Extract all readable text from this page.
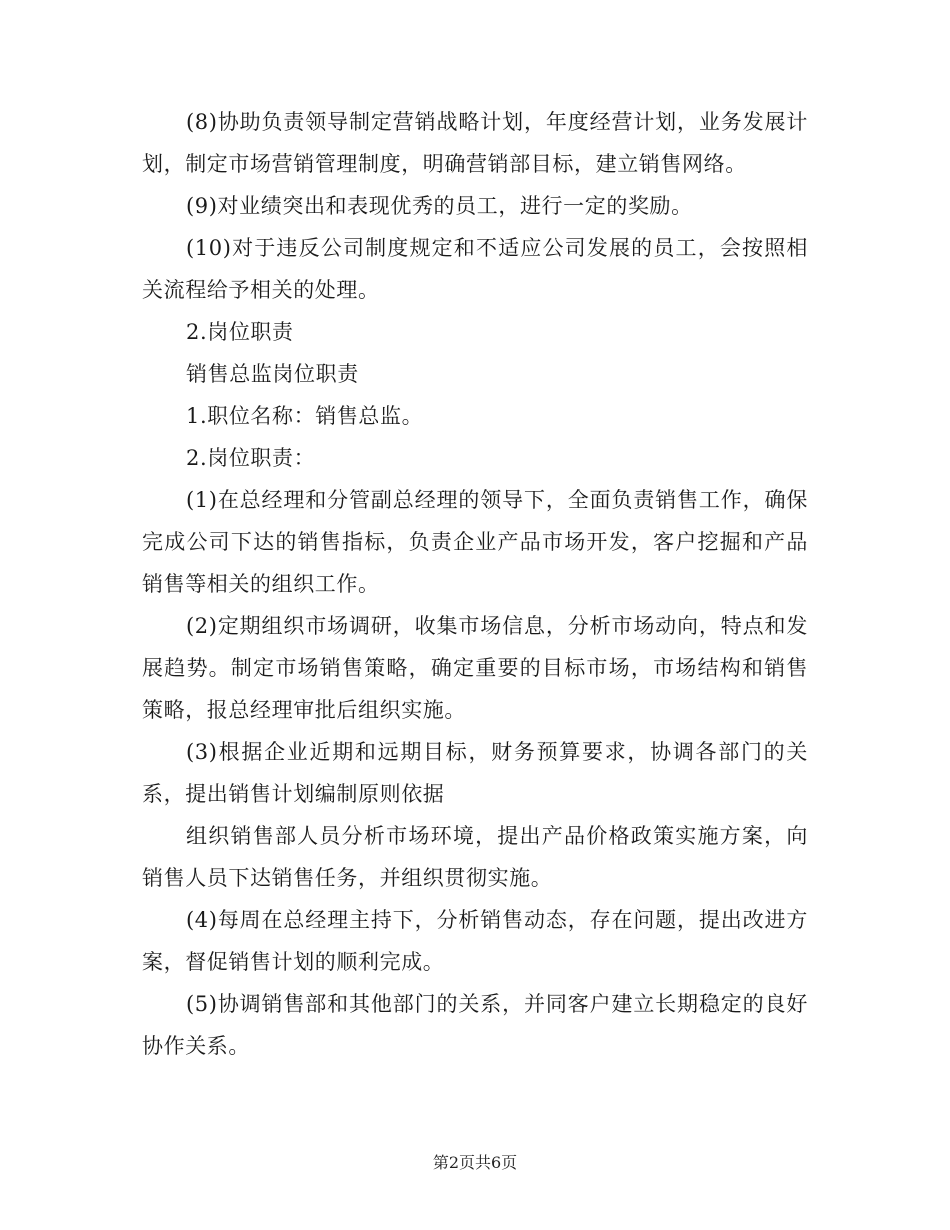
(8)协助负责领导制定营销战略计划，年度经营计划，业务发展计划，制定市场营销管理制度，明确营销部目标，建立销售网络。

(9)对业绩突出和表现优秀的员工，进行一定的奖励。

(10)对于违反公司制度规定和不适应公司发展的员工，会按照相关流程给予相关的处理。

2.岗位职责

销售总监岗位职责

1.职位名称：销售总监。

2.岗位职责：

(1)在总经理和分管副总经理的领导下，全面负责销售工作，确保完成公司下达的销售指标，负责企业产品市场开发，客户挖掘和产品销售等相关的组织工作。

(2)定期组织市场调研，收集市场信息，分析市场动向，特点和发展趋势。制定市场销售策略，确定重要的目标市场，市场结构和销售策略，报总经理审批后组织实施。

(3)根据企业近期和远期目标，财务预算要求，协调各部门的关系，提出销售计划编制原则依据

组织销售部人员分析市场环境，提出产品价格政策实施方案，向销售人员下达销售任务，并组织贯彻实施。

(4)每周在总经理主持下，分析销售动态，存在问题，提出改进方案，督促销售计划的顺利完成。

(5)协调销售部和其他部门的关系，并同客户建立长期稳定的良好协作关系。

第2页共6页
